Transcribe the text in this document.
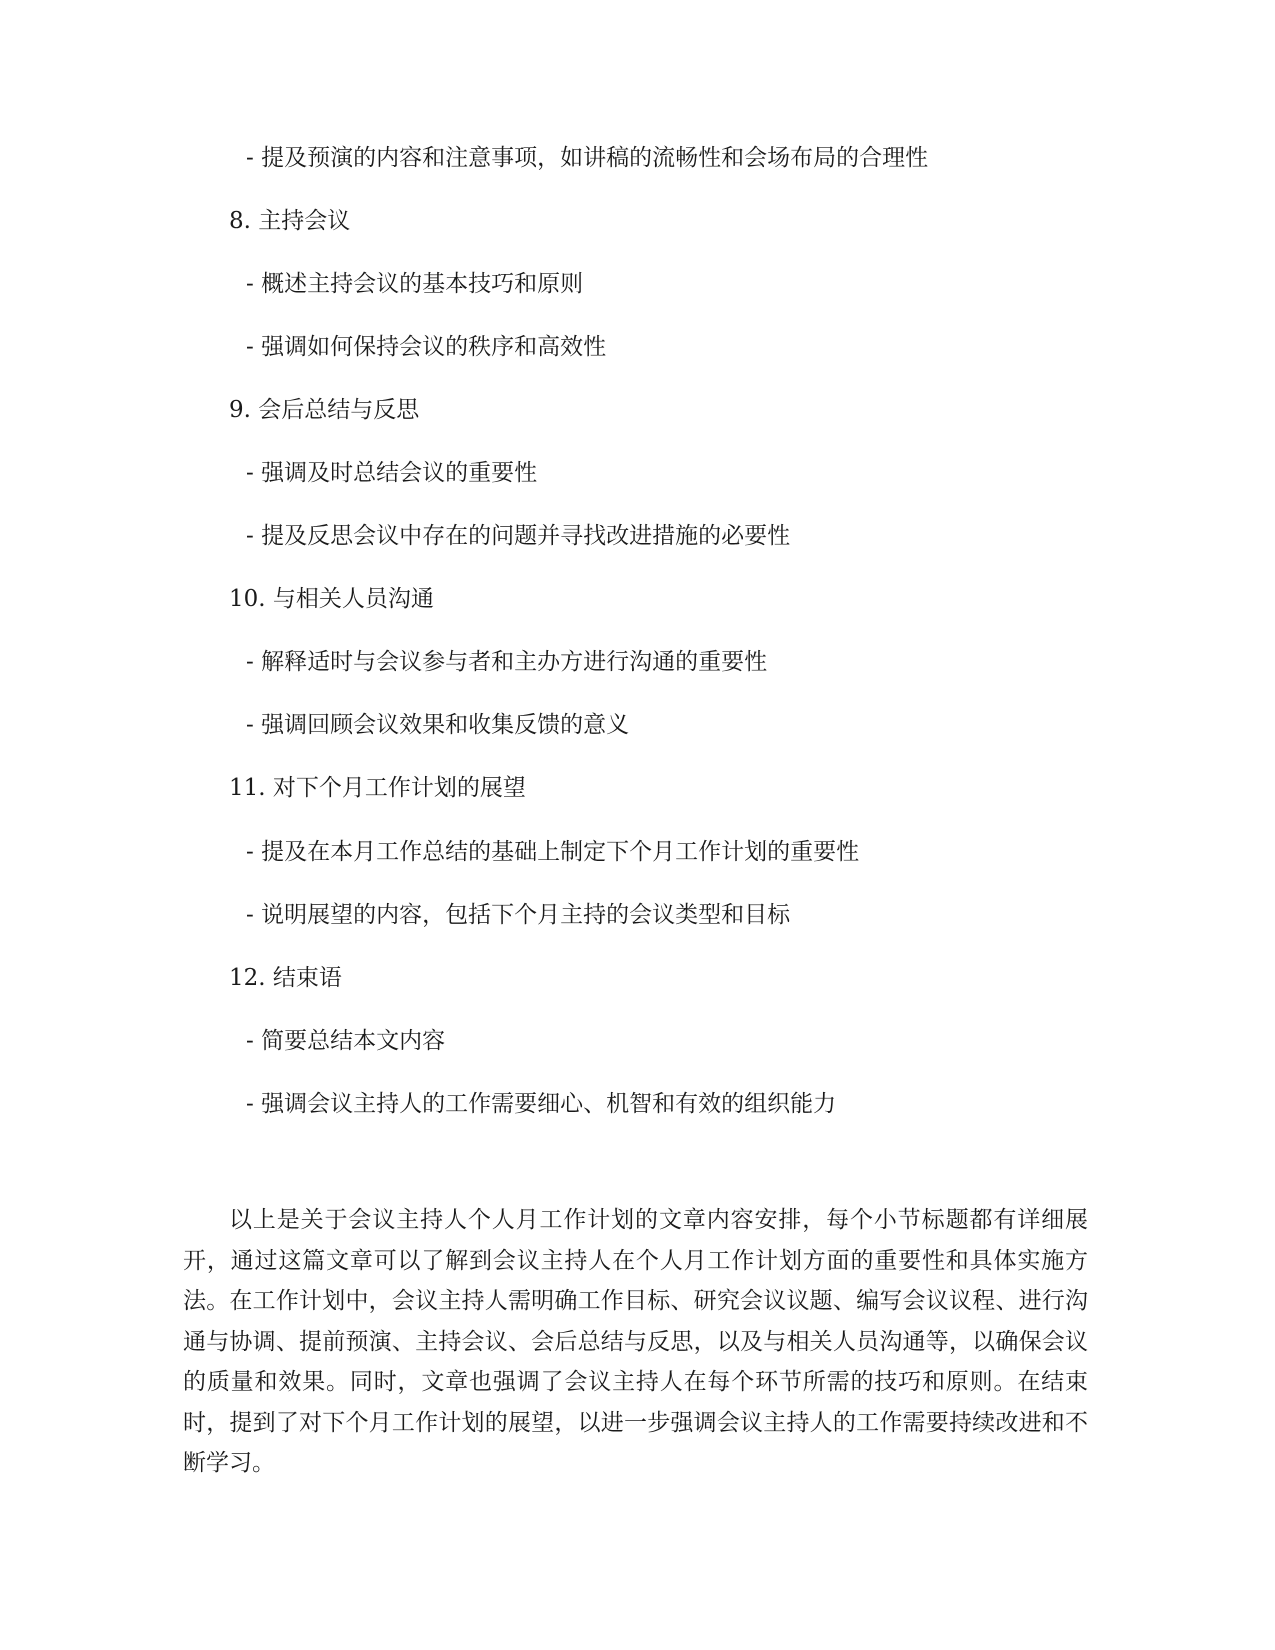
- 提及预演的内容和注意事项，如讲稿的流畅性和会场布局的合理性
8. 主持会议
- 概述主持会议的基本技巧和原则
- 强调如何保持会议的秩序和高效性
9. 会后总结与反思
- 强调及时总结会议的重要性
- 提及反思会议中存在的问题并寻找改进措施的必要性
10. 与相关人员沟通
- 解释适时与会议参与者和主办方进行沟通的重要性
- 强调回顾会议效果和收集反馈的意义
11. 对下个月工作计划的展望
- 提及在本月工作总结的基础上制定下个月工作计划的重要性
- 说明展望的内容，包括下个月主持的会议类型和目标
12. 结束语
- 简要总结本文内容
- 强调会议主持人的工作需要细心、机智和有效的组织能力

以上是关于会议主持人个人月工作计划的文章内容安排，每个小节标题都有详细展开，通过这篇文章可以了解到会议主持人在个人月工作计划方面的重要性和具体实施方法。在工作计划中，会议主持人需明确工作目标、研究会议议题、编写会议议程、进行沟通与协调、提前预演、主持会议、会后总结与反思，以及与相关人员沟通等，以确保会议的质量和效果。同时，文章也强调了会议主持人在每个环节所需的技巧和原则。在结束时，提到了对下个月工作计划的展望，以进一步强调会议主持人的工作需要持续改进和不断学习。
